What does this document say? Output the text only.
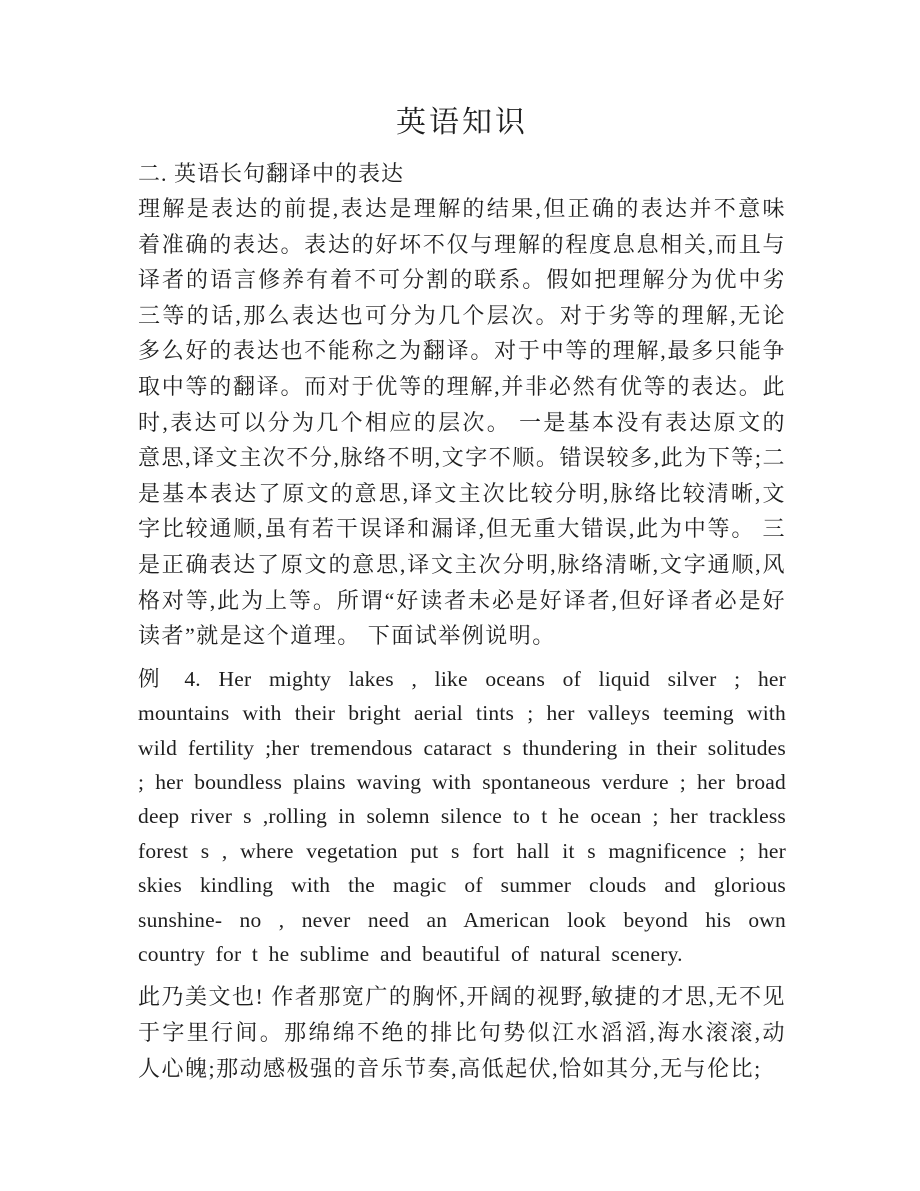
英语知识

二. 英语长句翻译中的表达

理解是表达的前提,表达是理解的结果,但正确的表达并不意味着准确的表达。表达的好坏不仅与理解的程度息息相关,而且与译者的语言修养有着不可分割的联系。假如把理解分为优中劣三等的话,那么表达也可分为几个层次。对于劣等的理解,无论多么好的表达也不能称之为翻译。对于中等的理解,最多只能争取中等的翻译。而对于优等的理解,并非必然有优等的表达。此时,表达可以分为几个相应的层次。 一是基本没有表达原文的意思,译文主次不分,脉络不明,文字不顺。错误较多,此为下等;二是基本表达了原文的意思,译文主次比较分明,脉络比较清晰,文字比较通顺,虽有若干误译和漏译,但无重大错误,此为中等。 三是正确表达了原文的意思,译文主次分明,脉络清晰,文字通顺,风格对等,此为上等。所谓“好读者未必是好译者,但好译者必是好读者”就是这个道理。 下面试举例说明。

例 4. Her mighty lakes , like oceans of liquid silver ; her mountains with their bright aerial tints ; her valleys teeming with wild fertility ;her tremendous cataract s thundering in their solitudes ; her boundless plains waving with spontaneous verdure ; her broad deep river s ,rolling in solemn silence to t he ocean ; her trackless forest s , where vegetation put s fort hall it s magnificence ; her skies kindling with the magic of summer clouds and glorious sunshine- no , never need an American look beyond his own country for t he sublime and beautiful of natural scenery.

此乃美文也! 作者那宽广的胸怀,开阔的视野,敏捷的才思,无不见于字里行间。那绵绵不绝的排比句势似江水滔滔,海水滚滚,动人心魄;那动感极强的音乐节奏,高低起伏,恰如其分,无与伦比;
